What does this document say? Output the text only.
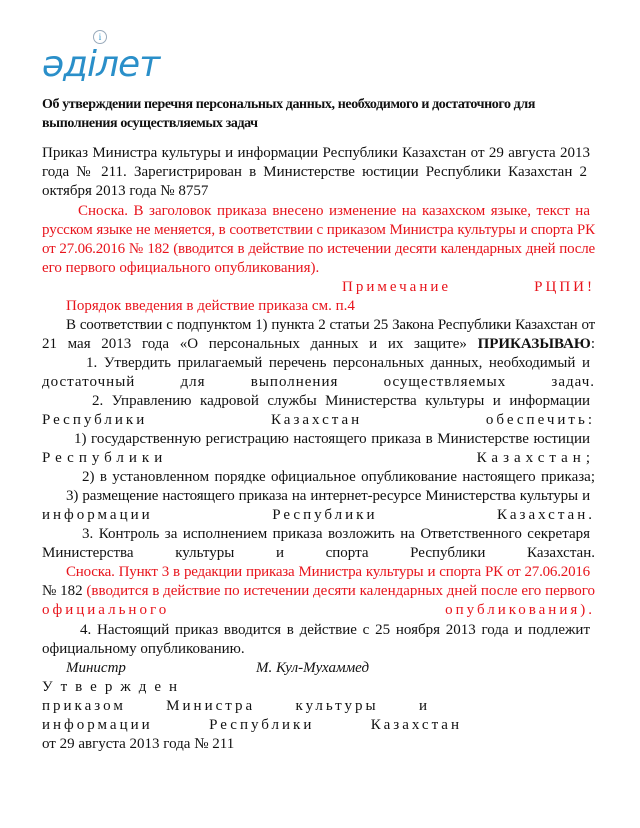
i
әділет
Об утверждении перечня персональных данных, необходимого и достаточного для
выполнения осуществляемых задач
Приказ Министра культуры и информации Республики Казахстан от 29 августа 2013
года № 211. Зарегистрирован в Министерстве юстиции Республики Казахстан 2
октября 2013 года № 8757
Сноска. В заголовок приказа внесено изменение на казахском языке, текст на
русском языке не меняется, в соответствии с приказом Министра культуры и спорта РК
от 27.06.2016 № 182 (вводится в действие по истечении десяти календарных дней после
его первого официального опубликования).
Примечание	РЦПИ!
Порядок введения в действие приказа см. п.4
В соответствии с подпунктом 1) пункта 2 статьи 25 Закона Республики Казахстан от
21 мая 2013 года «О персональных данных и их защите» ПРИКАЗЫВАЮ:
1. Утвердить прилагаемый перечень персональных данных, необходимый и
достаточный для выполнения осуществляемых задач.
2. Управлению кадровой службы Министерства культуры и информации
Республики Казахстан обеспечить:
1) государственную регистрацию настоящего приказа в Министерстве юстиции
Республики Казахстан;
2) в установленном порядке официальное опубликование настоящего приказа;
3) размещение настоящего приказа на интернет-ресурсе Министерства культуры и
информации Республики Казахстан.
3. Контроль за исполнением приказа возложить на Ответственного секретаря
Министерства культуры и спорта Республики Казахстан.
Сноска. Пункт 3 в редакции приказа Министра культуры и спорта РК от 27.06.2016
№ 182 (вводится в действие по истечении десяти календарных дней после его первого
официального опубликования).
4. Настоящий приказ вводится в действие с 25 ноября 2013 года и подлежит
официальному опубликованию.
Министр	М. Кул-Мухаммед
Утвержден
приказом Министра культуры и
информации Республики Казахстан
от 29 августа 2013 года № 211
